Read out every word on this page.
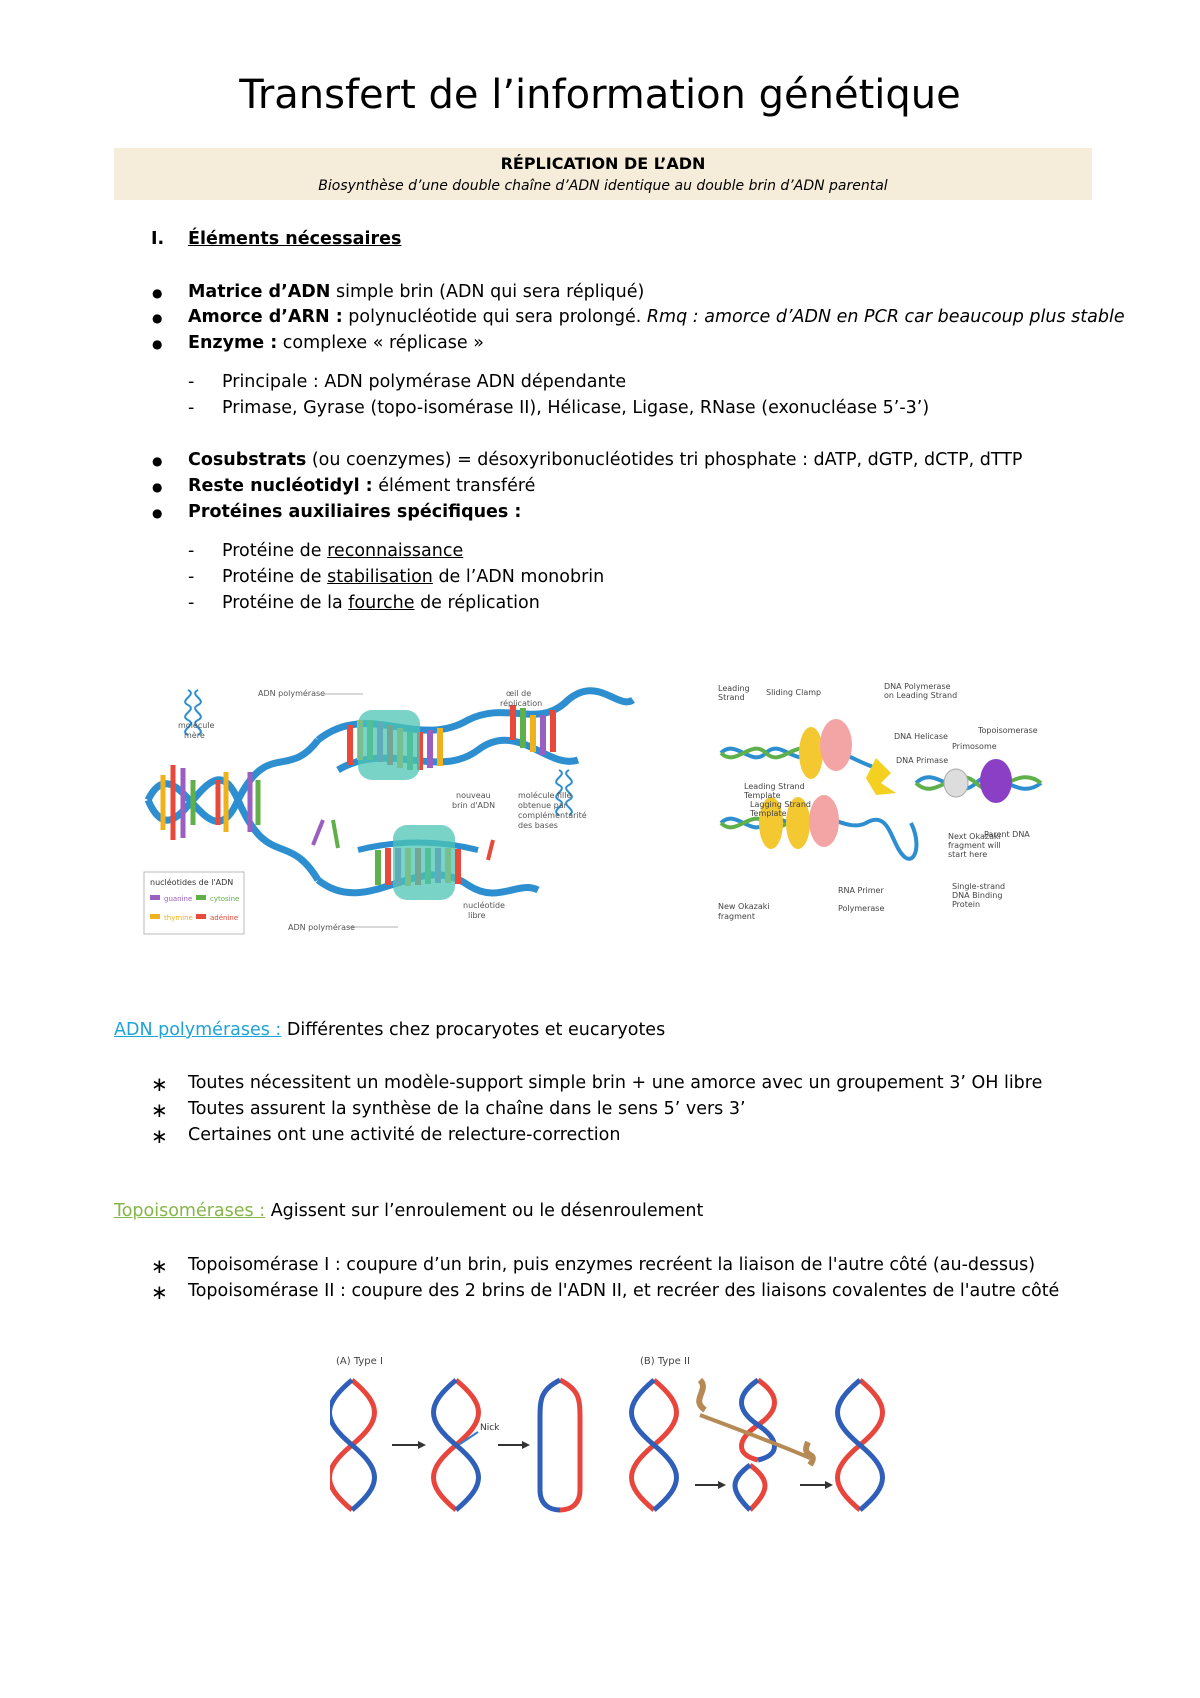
Transfert de l’information génétique
RÉPLICATION DE L’ADN
Biosynthèse d’une double chaîne d’ADN identique au double brin d’ADN parental
I. Éléments nécessaires
● Matrice d’ADN simple brin (ADN qui sera répliqué)
● Amorce d’ARN : polynucléotide qui sera prolongé. Rmq : amorce d’ADN en PCR car beaucoup plus stable
● Enzyme : complexe « réplicase »
- Principale : ADN polymérase ADN dépendante
- Primase, Gyrase (topo-isomérase II), Hélicase, Ligase, RNase (exonucléase 5’-3’)
● Cosubstrats (ou coenzymes) = désoxyribonucléotides tri phosphate : dATP, dGTP, dCTP, dTTP
● Reste nucléotidyl : élément transféré
● Protéines auxiliaires spécifiques :
- Protéine de reconnaissance
- Protéine de stabilisation de l’ADN monobrin
- Protéine de la fourche de réplication
ADN polymérase	œil de
réplication
molécule
mère
nouveau
brin d'ADN
molécule fille
obtenue par
complémentarité
des bases
nucléotide
libre
ADN polymérase
nucléotides de l'ADN
guanine	cytosine
thymine adénine
Leading
Strand
Sliding Clamp
DNA Polymerase
on Leading Strand
DNA Helicase
Primosome
Topoisomerase
DNA Primase
Leading Strand
Template
Lagging Strand
Template
Parent DNA
Next Okazaki
fragment will
start here
Single-strand
DNA Binding
Protein
RNA Primer
Polymerase
New Okazaki
fragment
ADN polymérases : Différentes chez procaryotes et eucaryotes
∗ Toutes nécessitent un modèle-support simple brin + une amorce avec un groupement 3’ OH libre
∗ Toutes assurent la synthèse de la chaîne dans le sens 5’ vers 3’
∗ Certaines ont une activité de relecture-correction
Topoisomérases : Agissent sur l’enroulement ou le désenroulement
∗ Topoisomérase I : coupure d’un brin, puis enzymes recréent la liaison de l'autre côté (au-dessus)
∗ Topoisomérase II : coupure des 2 brins de l'ADN II, et recréer des liaisons covalentes de l'autre côté
(A) Type I	(B) Type II
Nick
